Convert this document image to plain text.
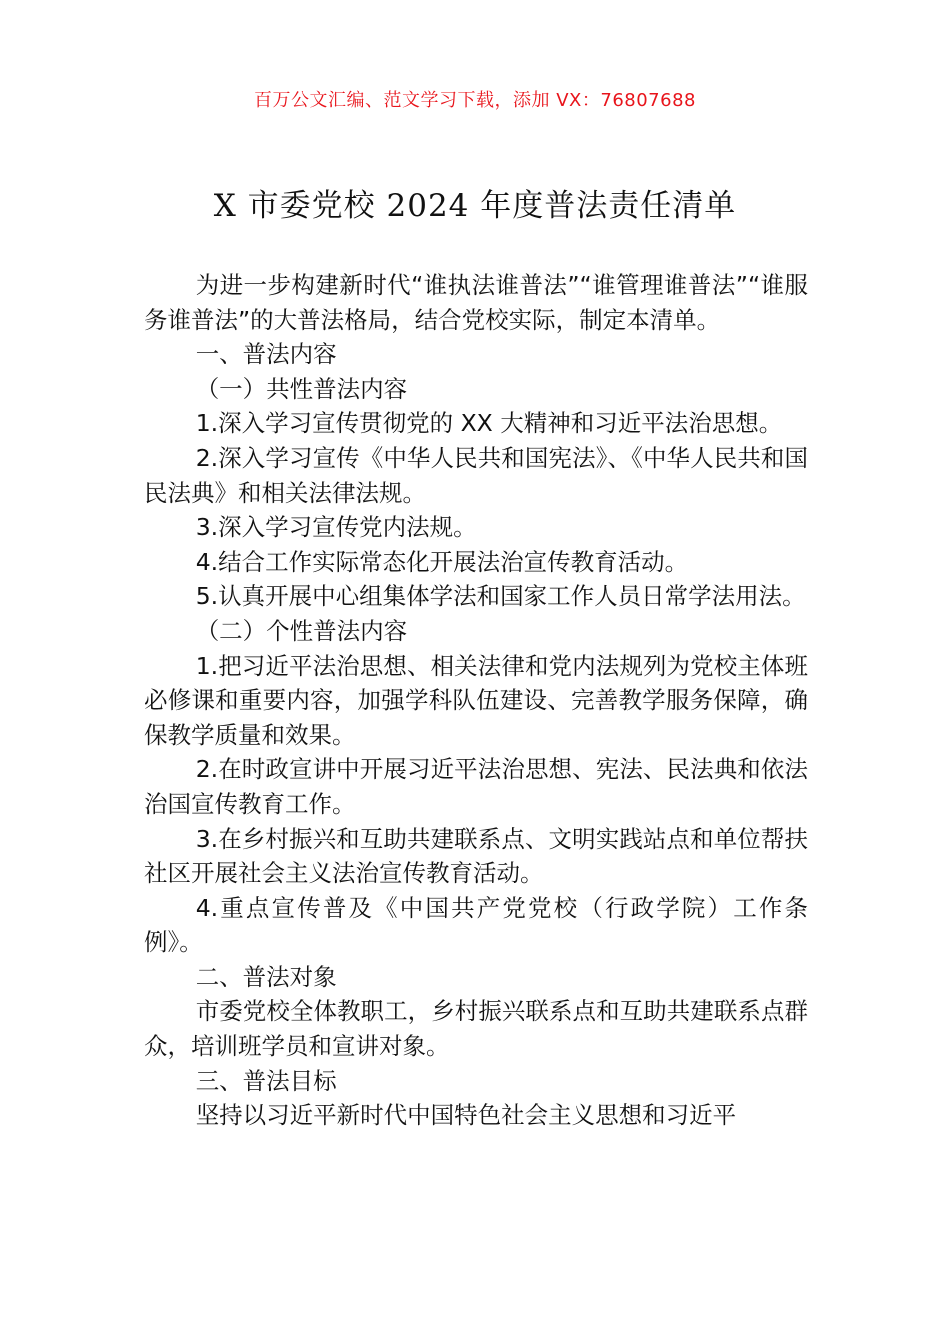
百万公文汇编、范文学习下载，添加 VX：76807688
X 市委党校 2024 年度普法责任清单

为进一步构建新时代“谁执法谁普法”“谁管理谁普法”“谁服务谁普法”的大普法格局，结合党校实际，制定本清单。

一、普法内容

（一）共性普法内容

1.深入学习宣传贯彻党的 XX 大精神和习近平法治思想。

2.深入学习宣传《中华人民共和国宪法》、《中华人民共和国民法典》和相关法律法规。

3.深入学习宣传党内法规。

4.结合工作实际常态化开展法治宣传教育活动。

5.认真开展中心组集体学法和国家工作人员日常学法用法。

（二）个性普法内容

1.把习近平法治思想、相关法律和党内法规列为党校主体班必修课和重要内容，加强学科队伍建设、完善教学服务保障，确保教学质量和效果。

2.在时政宣讲中开展习近平法治思想、宪法、民法典和依法治国宣传教育工作。

3.在乡村振兴和互助共建联系点、文明实践站点和单位帮扶社区开展社会主义法治宣传教育活动。

4.重点宣传普及《中国共产党党校（行政学院）工作条例》。

二、普法对象

市委党校全体教职工，乡村振兴联系点和互助共建联系点群众，培训班学员和宣讲对象。

三、普法目标

坚持以习近平新时代中国特色社会主义思想和习近平
